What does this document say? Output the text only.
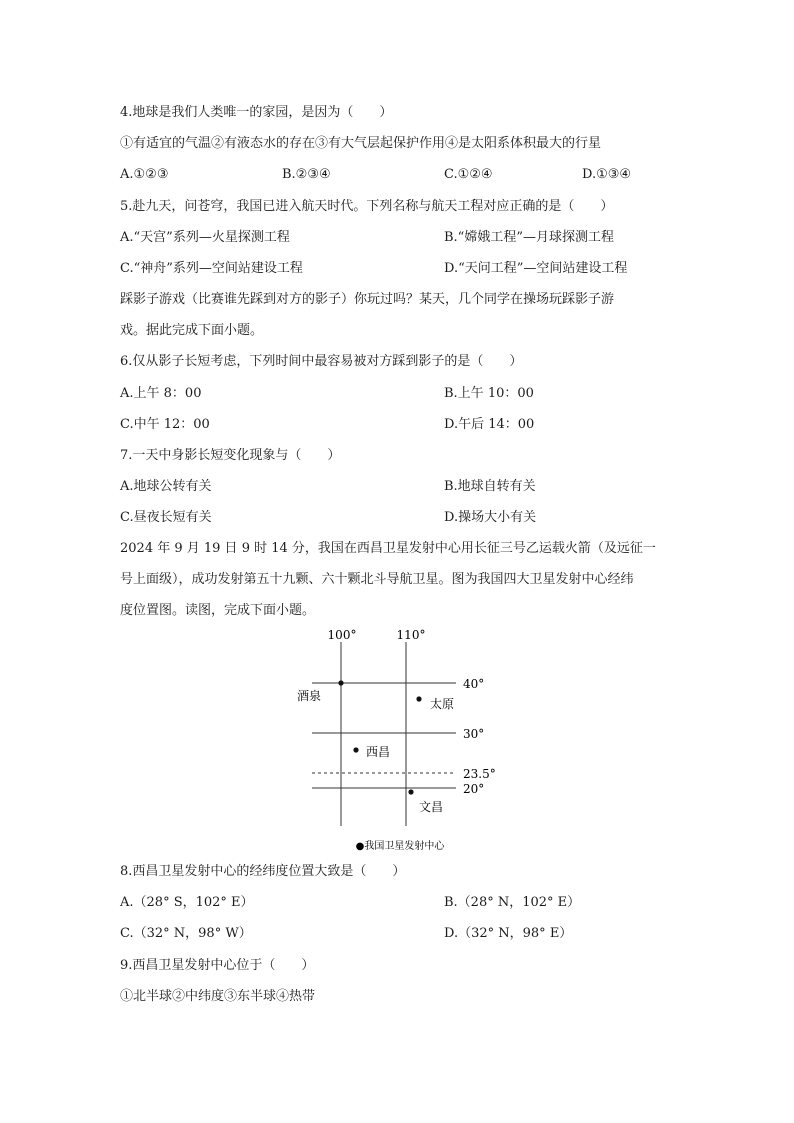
4.地球是我们人类唯一的家园，是因为（　　）
①有适宜的气温②有液态水的存在③有大气层起保护作用④是太阳系体积最大的行星
A.①②③	B.②③④	C.①②④	D.①③④
5.赴九天，问苍穹，我国已进入航天时代。下列名称与航天工程对应正确的是（　　）
A.“天宫”系列—火星探测工程	B.“嫦娥工程”—月球探测工程
C.“神舟”系列—空间站建设工程	D.“天问工程”—空间站建设工程
踩影子游戏（比赛谁先踩到对方的影子）你玩过吗？某天，几个同学在操场玩踩影子游
戏。据此完成下面小题。
6.仅从影子长短考虑，下列时间中最容易被对方踩到影子的是（　　）
A.上午 8：00	B.上午 10：00
C.中午 12：00	D.午后 14：00
7.一天中身影长短变化现象与（　　）
A.地球公转有关	B.地球自转有关
C.昼夜长短有关	D.操场大小有关
2024 年 9 月 19 日 9 时 14 分，我国在西昌卫星发射中心用长征三号乙运载火箭（及远征一
号上面级），成功发射第五十九颗、六十颗北斗导航卫星。图为我国四大卫星发射中心经纬
度位置图。读图，完成下面小题。
100°	110°
40°
30°
23.5°
20°
酒泉
太原
西昌
文昌
●我国卫星发射中心
8.西昌卫星发射中心的经纬度位置大致是（　　）
A.（28° S，102° E）	B.（28° N，102° E）
C.（32° N，98° W）	D.（32° N，98° E）
9.西昌卫星发射中心位于（　　）
①北半球②中纬度③东半球④热带
